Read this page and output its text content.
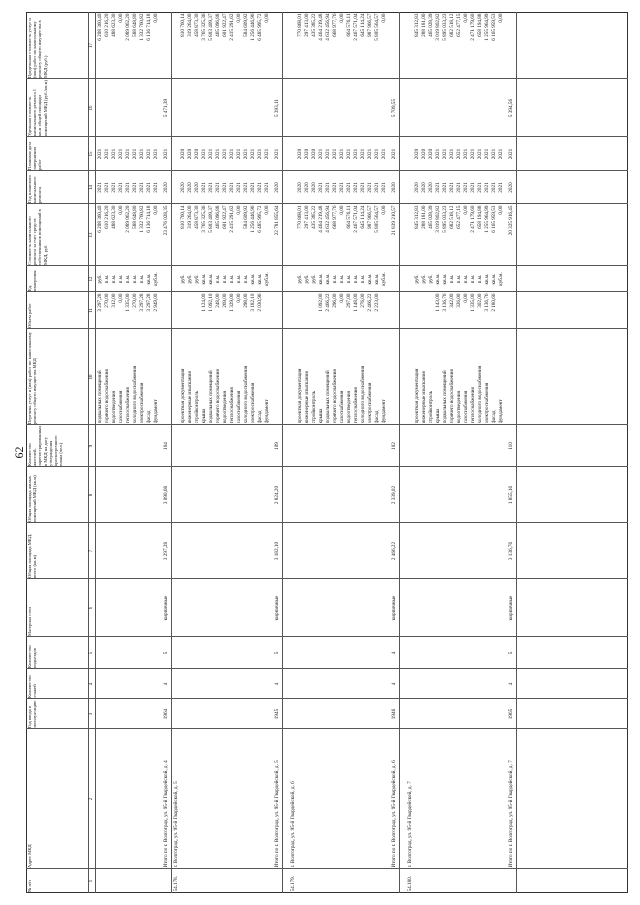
62
№ п/п
Адрес МКД
Год ввода в эксплуатацию
Количество этажей
Количество подъездов
Материал стен
Общая площадь МКД, всего (кв.м)
Общая площадь жилых помещений МКД (кв.м)
Количество жителей, зарегистрированных в МКД на дату утверждения краткосрочного плана (чел.)
Перечень услуг и (или) работ по капитальному ремонту общего имущества МКД
Объем работ
Ед. измерения
Стоимость капитального ремонта за счет средств собственников помещений в МКД, руб.
Год планового капитального ремонта
Плановая дата завершения работ
Удельная стоимость капитального ремонта 1 кв.м общей площади помещений МКД (руб./кв.м)
Предельная стоимость услуг и (или) работ по капитальному ремонту общего имущества в МКД (руб.)
1
2
3
4
5
6
7
8
9
10
11
12
13
14
15
16
17
подвальных помещений
3 297,28
руб.
6 208 360,40
2021
2021
6 208 360,40
горячего водоснабжения
270,00
п.м.
610 216,20
2021
2021
610 216,20
водоотведения
312,00
п.м.
488 623,30
2021
2021
488 623,30
газоснабжения
0,00
п.м.
0,00
2021
2021
0,00
теплоснабжения
1 335,00
п.м.
2 089 062,20
2021
2021
2 089 062,20
холодного водоснабжения
270,00
п.м.
588 648,80
2021
2021
588 648,80
электроснабжения
3 297,28
п.м.
1 332 760,82
2021
2021
1 332 760,82
фасад
3 297,28
кв.м.
6 136 714,18
2021
2021
6 136 714,18
фундамент
2 949,00
куб.м.
0,00
2021
2021
0,00
Итого по г. Волгоград, ул. 95-й Гвардейской, д. 4
1964
4
5
кирпичные
3 297,28
3 090,68
104
23 476 028,35
2020
2021
5 471,39
54.178.
г. Волгоград, ул. 95-й Гвардейской, д. 5
проектная документация
руб.
810 760,14
2020
2020
810 760,14
инженерные изыскания
руб.
319 264,00
2020
2020
319 264,00
стройконтроль
руб.
458 873,30
2020
2020
458 873,30
крыша
1 124,00
кв.м.
3 765 325,36
2021
2021
3 765 325,36
подвальных помещений
1 092,10
кв.м.
5 803 409,37
2021
2021
5 803 409,37
горячего водоснабжения
248,00
п.м.
465 096,88
2021
2021
465 096,88
водоотведения
269,00
п.м.
601 922,47
2021
2021
601 922,47
теплоснабжения
1 329,00
п.м.
2 415 291,62
2021
2021
2 415 291,62
газоснабжения
0,00
п.м.
0,00
2021
2021
0,00
холодного водоснабжения
298,00
п.м.
584 609,92
2021
2021
584 609,92
электроснабжения
3 182,10
кв.м.
1 256 446,96
2021
2021
1 256 446,96
фасад
2 030,96
кв.м.
6 485 995,72
2021
2021
6 485 995,72
фундамент
куб.м.
0,00
2021
2021
0,00
Итого по г. Волгоград, ул. 95-й Гвардейской, д. 5
1945
4
5
кирпичные
3 182,10
2 824,20
109
22 781 855,64
2020
2021
5 393,11
54.179.
г. Волгоград, ул. 95-й Гвардейской, д. 6
проектная документация
руб.
770 868,01
2020
2020
770 868,01
инженерные изыскания
руб.
297 413,00
2020
2020
297 413,00
стройконтроль
руб.
435 385,22
2020
2020
435 385,22
крыша
1 092,00
кв.м.
4 464 219,48
2021
2021
4 464 219,48
подвальных помещений
2 466,22
кв.м.
4 632 456,94
2021
2021
4 632 456,94
горячего водоснабжения
296,00
п.м.
668 977,76
2021
2021
668 977,76
газоснабжения
0,00
п.м.
0,00
2021
2021
0,00
водоотведения
297,00
п.м.
664 576,11
2021
2021
664 576,11
теплоснабжения
1 148,00
п.м.
2 467 571,04
2021
2021
2 467 571,04
холодного водоснабжения
276,00
п.м.
645 114,24
2021
2021
645 114,24
электроснабжения
2 466,22
кв.м.
987 966,57
2021
2021
987 966,57
фасад
2 223,00
кв.м.
5 805 564,57
2021
2021
5 805 564,57
фундамент
куб.м.
0,00
2021
2021
0,00
Итого по г. Волгоград, ул. 95-й Гвардейской, д. 6
1946
4
4
кирпичные
2 466,22
2 339,02
102
21 839 210,57
2020
2021
5 709,55
54.180.
г. Волгоград, ул. 95-й Гвардейской, д. 7
проектная документация
руб.
845 312,83
2020
2020
845 312,83
инженерные изыскания
руб.
288 181,00
2020
2020
288 181,00
стройконтроль
руб.
465 028,39
2020
2020
465 028,39
крыша
1 143,00
кв.м.
3 019 802,82
2021
2021
3 019 802,82
подвальных помещений
3 136,76
кв.м.
5 895 033,23
2021
2021
5 895 033,23
горячего водоснабжения
342,00
п.м.
682 518,12
2021
2021
682 518,12
водоотведения
326,00
п.м.
652 477,15
2021
2021
652 477,15
газоснабжения
0,00
п.м.
0,00
2021
2021
0,00
теплоснабжения
1 335,00
п.м.
2 471 179,60
2021
2021
2 471 179,60
холодного водоснабжения
302,00
п.м.
658 194,88
2021
2021
658 194,88
электроснабжения
3 136,76
кв.м.
1 255 964,99
2021
2021
1 255 964,99
фасад
2 180,66
кв.м.
6 165 959,53
2021
2021
6 165 959,53
фундамент
куб.м.
0,00
2021
2021
0,00
Итого по г. Волгоград, ул. 95-й Гвардейской, д. 7
1965
4
5
кирпичные
3 136,76
1 855,16
110
20 325 916,45
2020
2021
5 394,56
